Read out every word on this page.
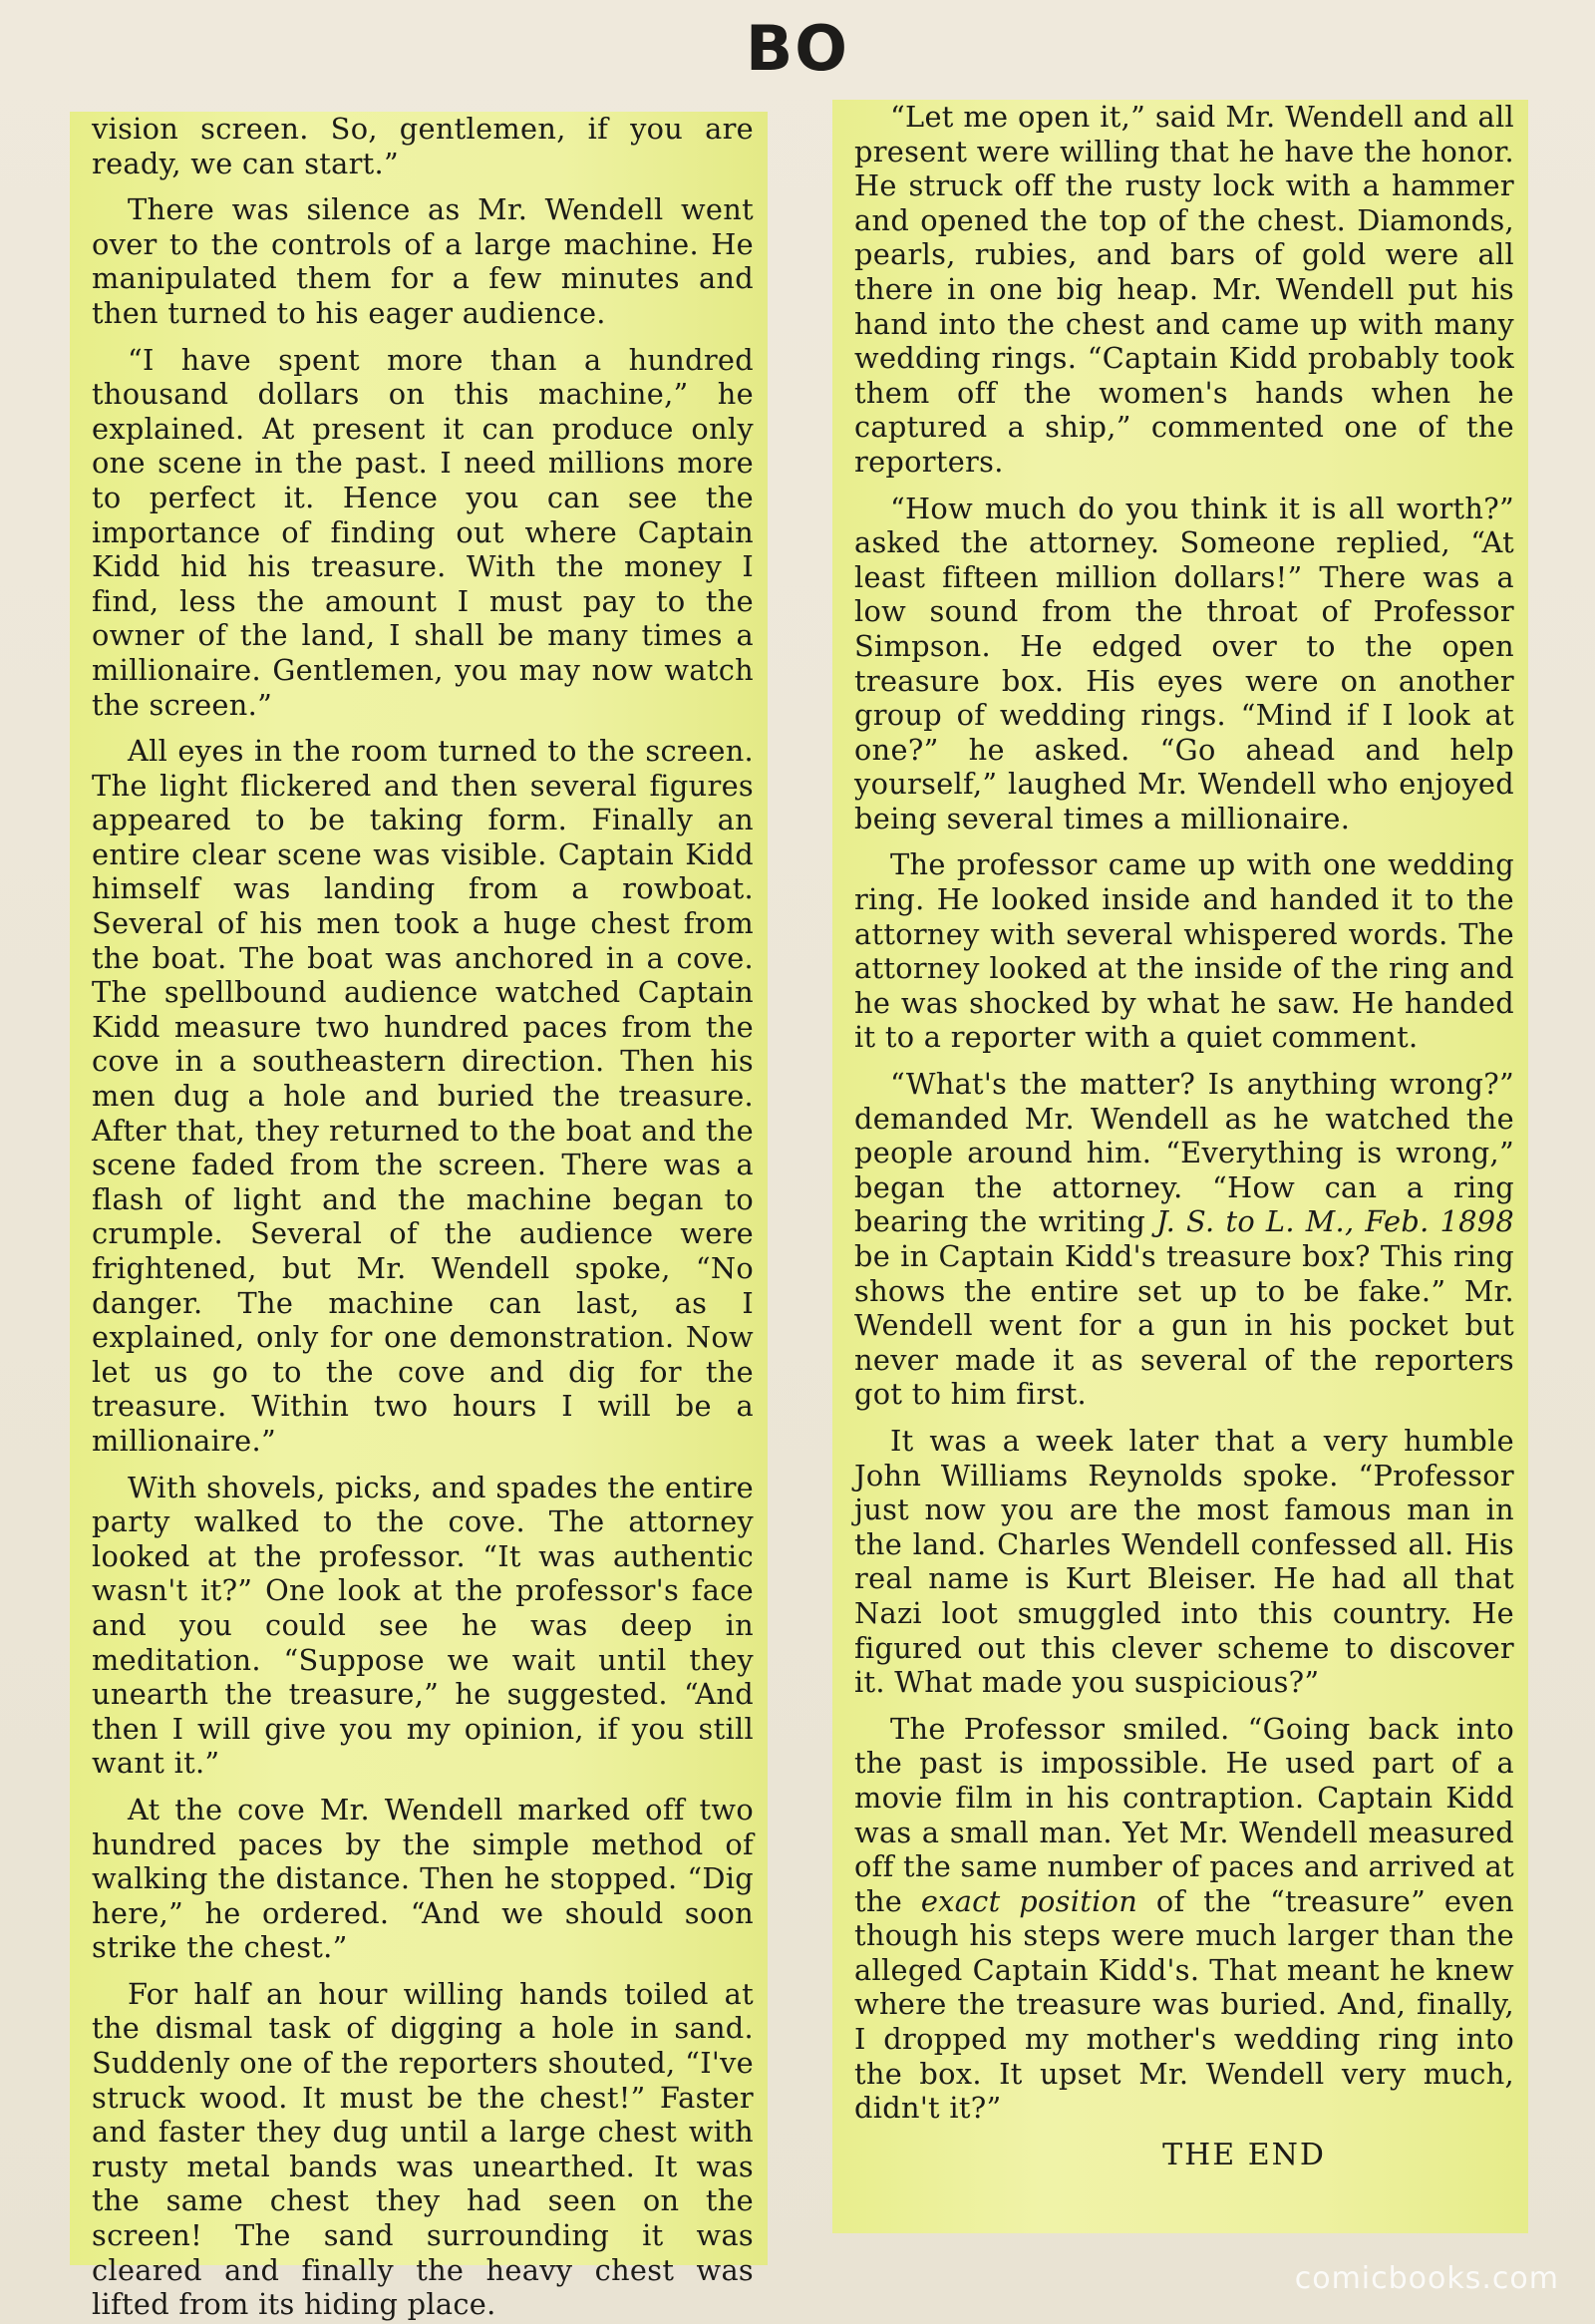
BO

vision screen. So, gentlemen, if you are ready, we can start.”

There was silence as Mr. Wendell went over to the controls of a large machine. He manipulated them for a few minutes and then turned to his eager audience.

“I have spent more than a hundred thousand dollars on this machine,” he explained. At present it can produce only one scene in the past. I need millions more to perfect it. Hence you can see the importance of finding out where Captain Kidd hid his treasure. With the money I find, less the amount I must pay to the owner of the land, I shall be many times a millionaire. Gentlemen, you may now watch the screen.”

All eyes in the room turned to the screen. The light flickered and then several figures appeared to be taking form. Finally an entire clear scene was visible. Captain Kidd himself was landing from a rowboat. Several of his men took a huge chest from the boat. The boat was anchored in a cove. The spellbound audience watched Captain Kidd measure two hundred paces from the cove in a southeastern direction. Then his men dug a hole and buried the treasure. After that, they returned to the boat and the scene faded from the screen. There was a flash of light and the machine began to crumple. Several of the audience were frightened, but Mr. Wendell spoke, “No danger. The machine can last, as I explained, only for one demonstration. Now let us go to the cove and dig for the treasure. Within two hours I will be a millionaire.”

With shovels, picks, and spades the entire party walked to the cove. The attorney looked at the professor. “It was authentic wasn't it?” One look at the professor's face and you could see he was deep in meditation. “Suppose we wait until they unearth the treasure,” he suggested. “And then I will give you my opinion, if you still want it.”

At the cove Mr. Wendell marked off two hundred paces by the simple method of walking the distance. Then he stopped. “Dig here,” he ordered. “And we should soon strike the chest.”

For half an hour willing hands toiled at the dismal task of digging a hole in sand. Suddenly one of the reporters shouted, “I've struck wood. It must be the chest!” Faster and faster they dug until a large chest with rusty metal bands was unearthed. It was the same chest they had seen on the screen! The sand surrounding it was cleared and finally the heavy chest was lifted from its hiding place.

“Let me open it,” said Mr. Wendell and all present were willing that he have the honor. He struck off the rusty lock with a hammer and opened the top of the chest. Diamonds, pearls, rubies, and bars of gold were all there in one big heap. Mr. Wendell put his hand into the chest and came up with many wedding rings. “Captain Kidd probably took them off the women's hands when he captured a ship,” commented one of the reporters.

“How much do you think it is all worth?” asked the attorney. Someone replied, “At least fifteen million dollars!” There was a low sound from the throat of Professor Simpson. He edged over to the open treasure box. His eyes were on another group of wedding rings. “Mind if I look at one?” he asked. “Go ahead and help yourself,” laughed Mr. Wendell who enjoyed being several times a millionaire.

The professor came up with one wedding ring. He looked inside and handed it to the attorney with several whispered words. The attorney looked at the inside of the ring and he was shocked by what he saw. He handed it to a reporter with a quiet comment.

“What's the matter? Is anything wrong?” demanded Mr. Wendell as he watched the people around him. “Everything is wrong,” began the attorney. “How can a ring bearing the writing J. S. to L. M., Feb. 1898 be in Captain Kidd's treasure box? This ring shows the entire set up to be fake.” Mr. Wendell went for a gun in his pocket but never made it as several of the reporters got to him first.

It was a week later that a very humble John Williams Reynolds spoke. “Professor just now you are the most famous man in the land. Charles Wendell confessed all. His real name is Kurt Bleiser. He had all that Nazi loot smuggled into this country. He figured out this clever scheme to discover it. What made you suspicious?”

The Professor smiled. “Going back into the past is impossible. He used part of a movie film in his contraption. Captain Kidd was a small man. Yet Mr. Wendell measured off the same number of paces and arrived at the exact position of the “treasure” even though his steps were much larger than the alleged Captain Kidd's. That meant he knew where the treasure was buried. And, finally, I dropped my mother's wedding ring into the box. It upset Mr. Wendell very much, didn't it?”

THE END
comicbooks.com
